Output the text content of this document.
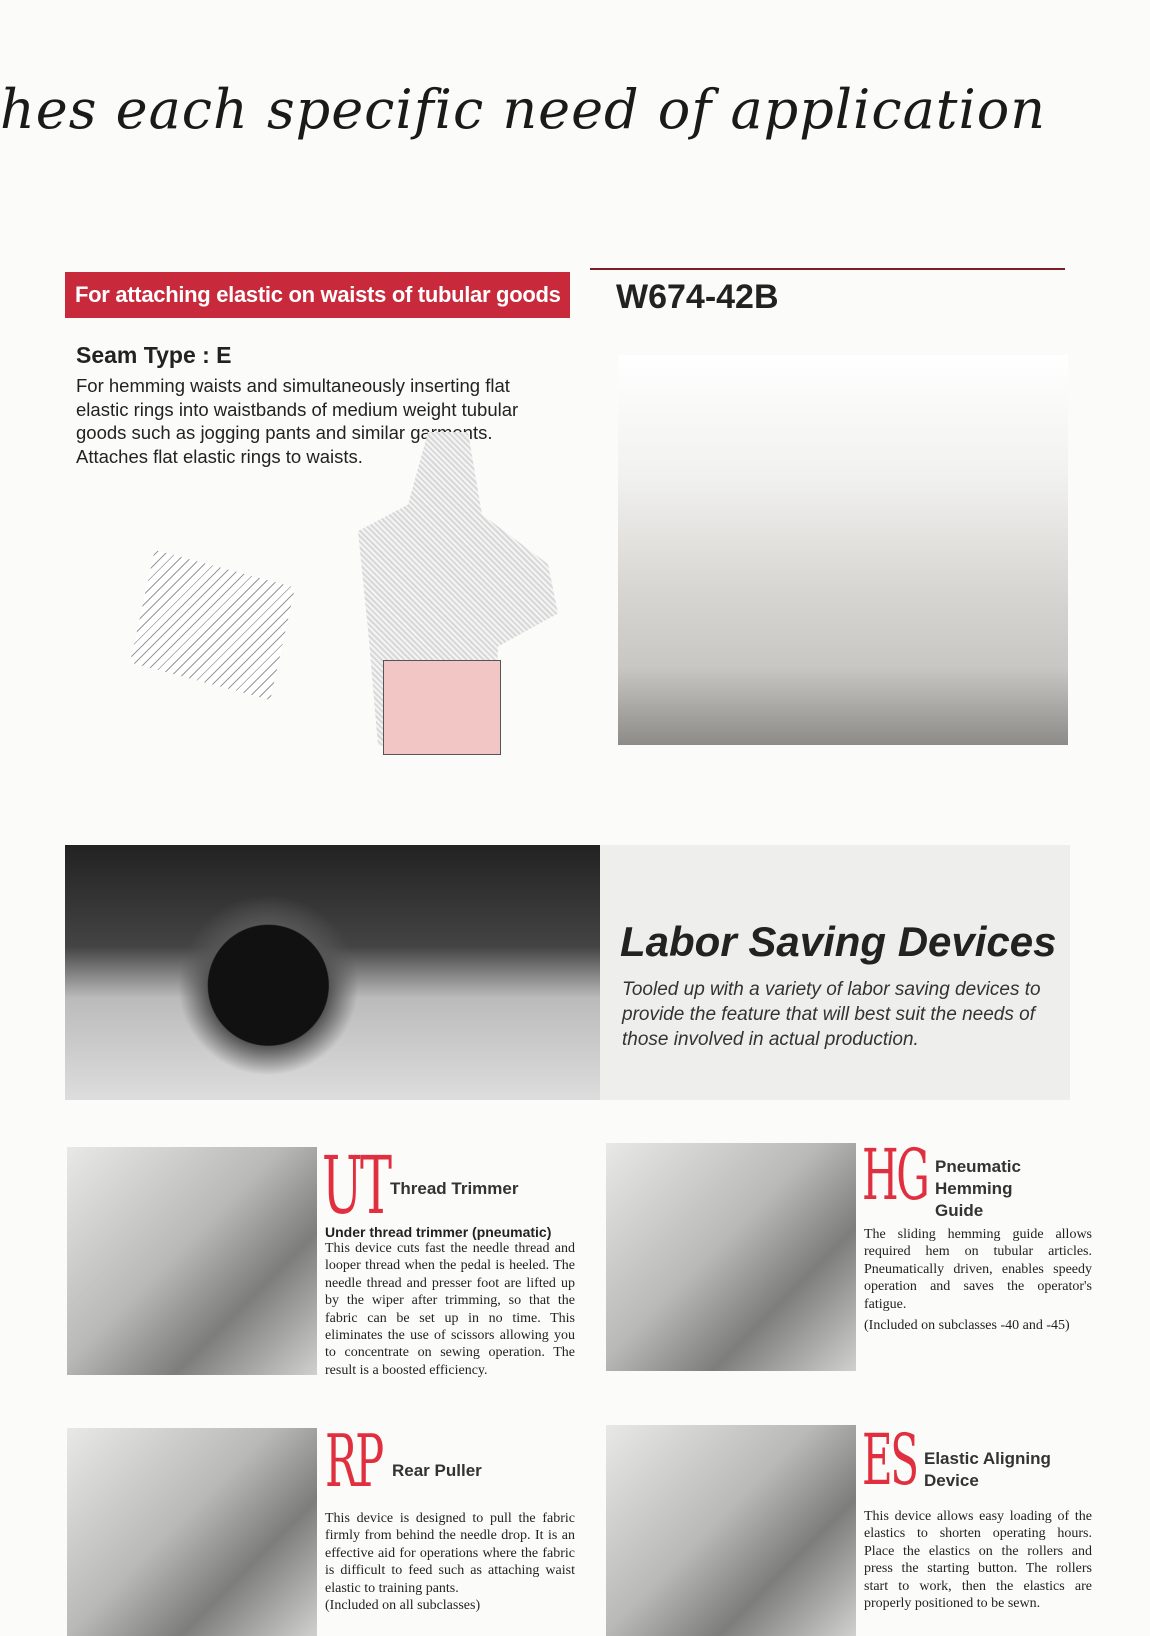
hes each specific need of application
For attaching elastic on waists of tubular goods W674-42B
Seam Type : E
For hemming waists and simultaneously inserting flat elastic rings into waistbands of medium weight tubular goods such as jogging pants and similar garments. Attaches flat elastic rings to waists.
Labor Saving Devices
Tooled up with a variety of labor saving devices to provide the feature that will best suit the needs of those involved in actual production.
UT Thread Trimmer
Under thread trimmer (pneumatic)
This device cuts fast the needle thread and looper thread when the pedal is heeled. The needle thread and presser foot are lifted up by the wiper after trimming, so that the fabric can be set up in no time. This eliminates the use of scissors allowing you to concentrate on sewing operation. The result is a boosted efficiency.
HG Pneumatic Hemming Guide
The sliding hemming guide allows required hem on tubular articles. Pneumatically driven, enables speedy operation and saves the operator's fatigue.
(Included on subclasses -40 and -45)
RP Rear Puller
This device is designed to pull the fabric firmly from behind the needle drop. It is an effective aid for operations where the fabric is difficult to feed such as attaching waist elastic to training pants.
(Included on all subclasses)
ES Elastic Aligning Device
This device allows easy loading of the elastics to shorten operating hours. Place the elastics on the rollers and press the starting button. The rollers start to work, then the elastics are properly positioned to be sewn.
